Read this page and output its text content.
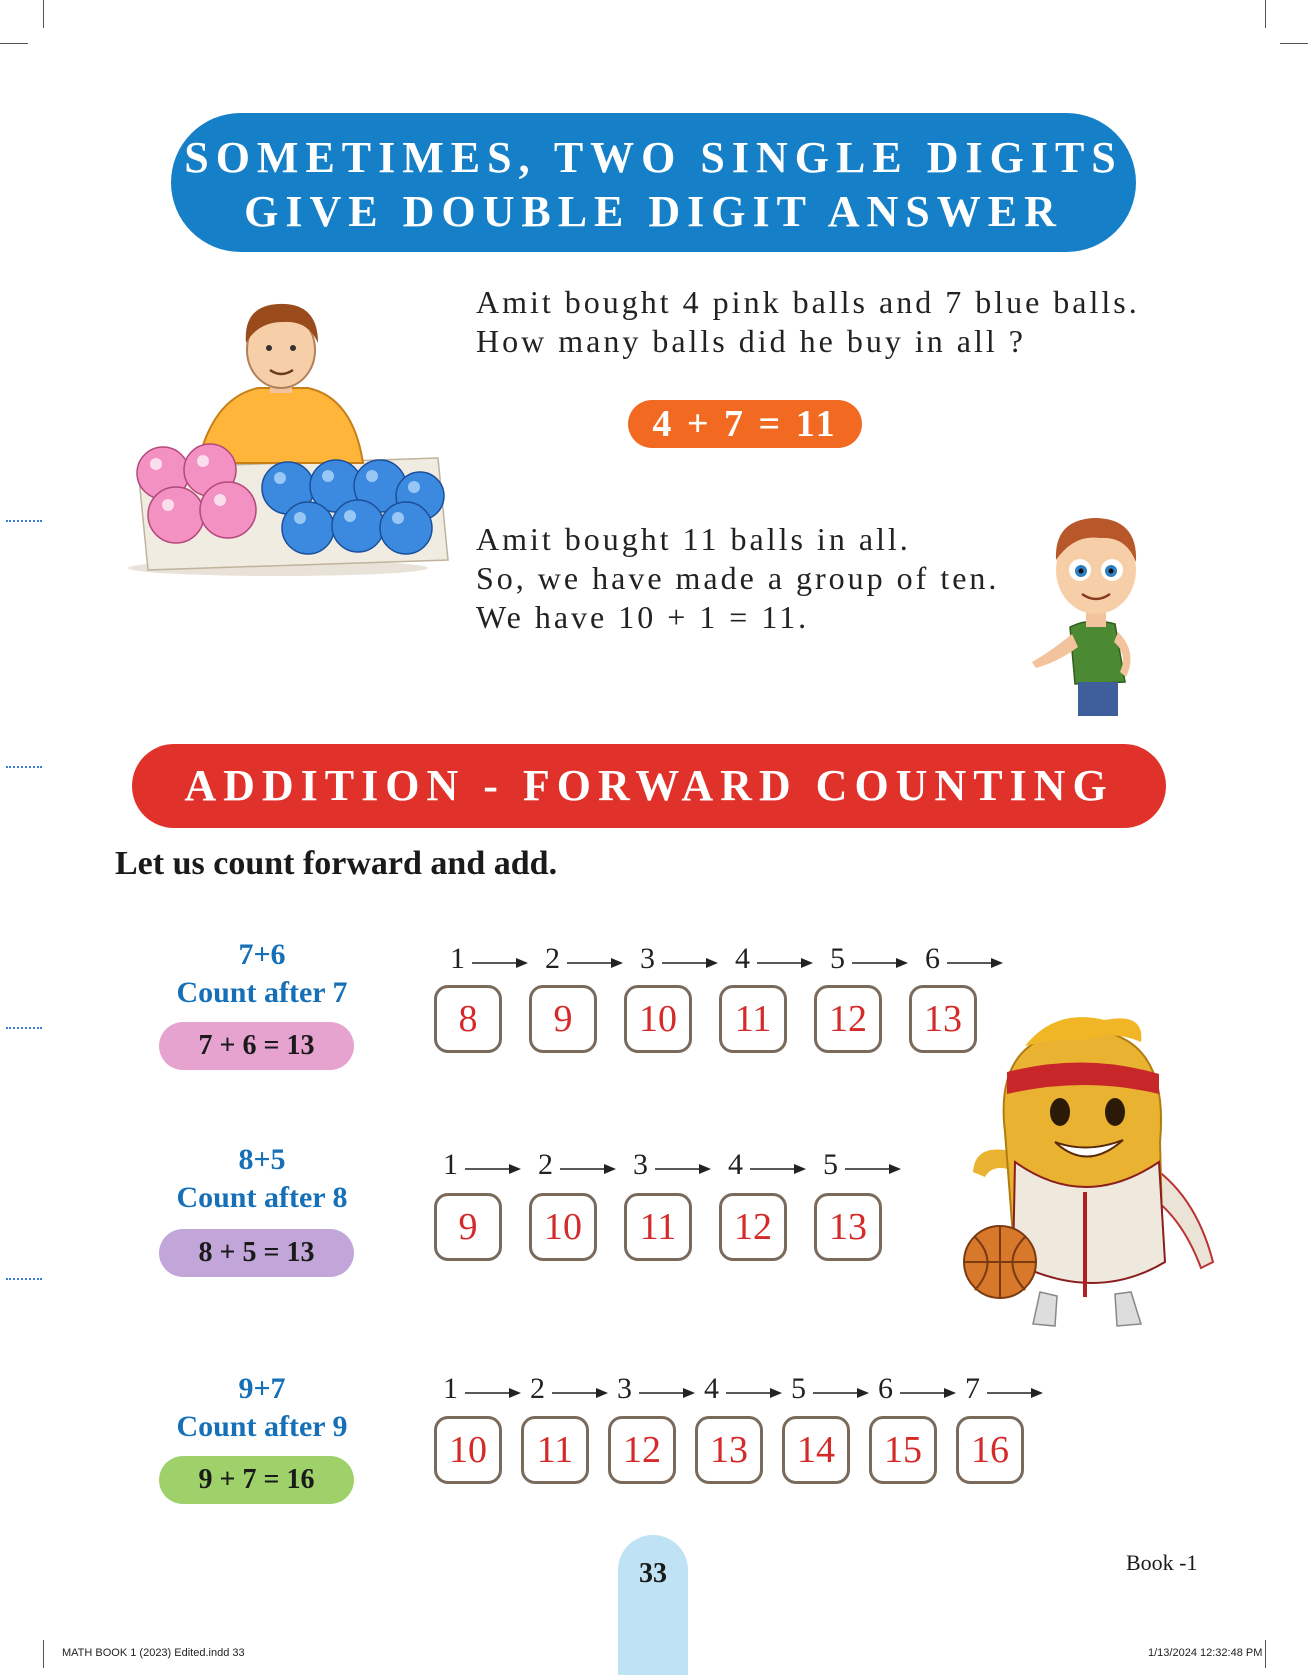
SOMETIMES, TWO SINGLE DIGITS
GIVE DOUBLE DIGIT ANSWER
Amit bought 4 pink balls and 7 blue balls.
How many balls did he buy in all ?
4 + 7 = 11
Amit bought 11 balls in all.
So, we have made a group of ten.
We have 10 + 1 = 11.
ADDITION - FORWARD COUNTING
Let us count forward and add.
7+6
Count after 7
7 + 6 = 13
8+5
Count after 8
8 + 5 = 13
9+7
Count after 9
9 + 7 = 16
8	9	10	11	12	13
1	2	3	4	5	6
9	10	11	12	13
1	2	3	4	5
10	11	12	13	14	15	16
1 2 3 4 5 6 7
33	Book -1
MATH BOOK 1 (2023) Edited.indd 33	1/13/2024 12:32:48 PM
